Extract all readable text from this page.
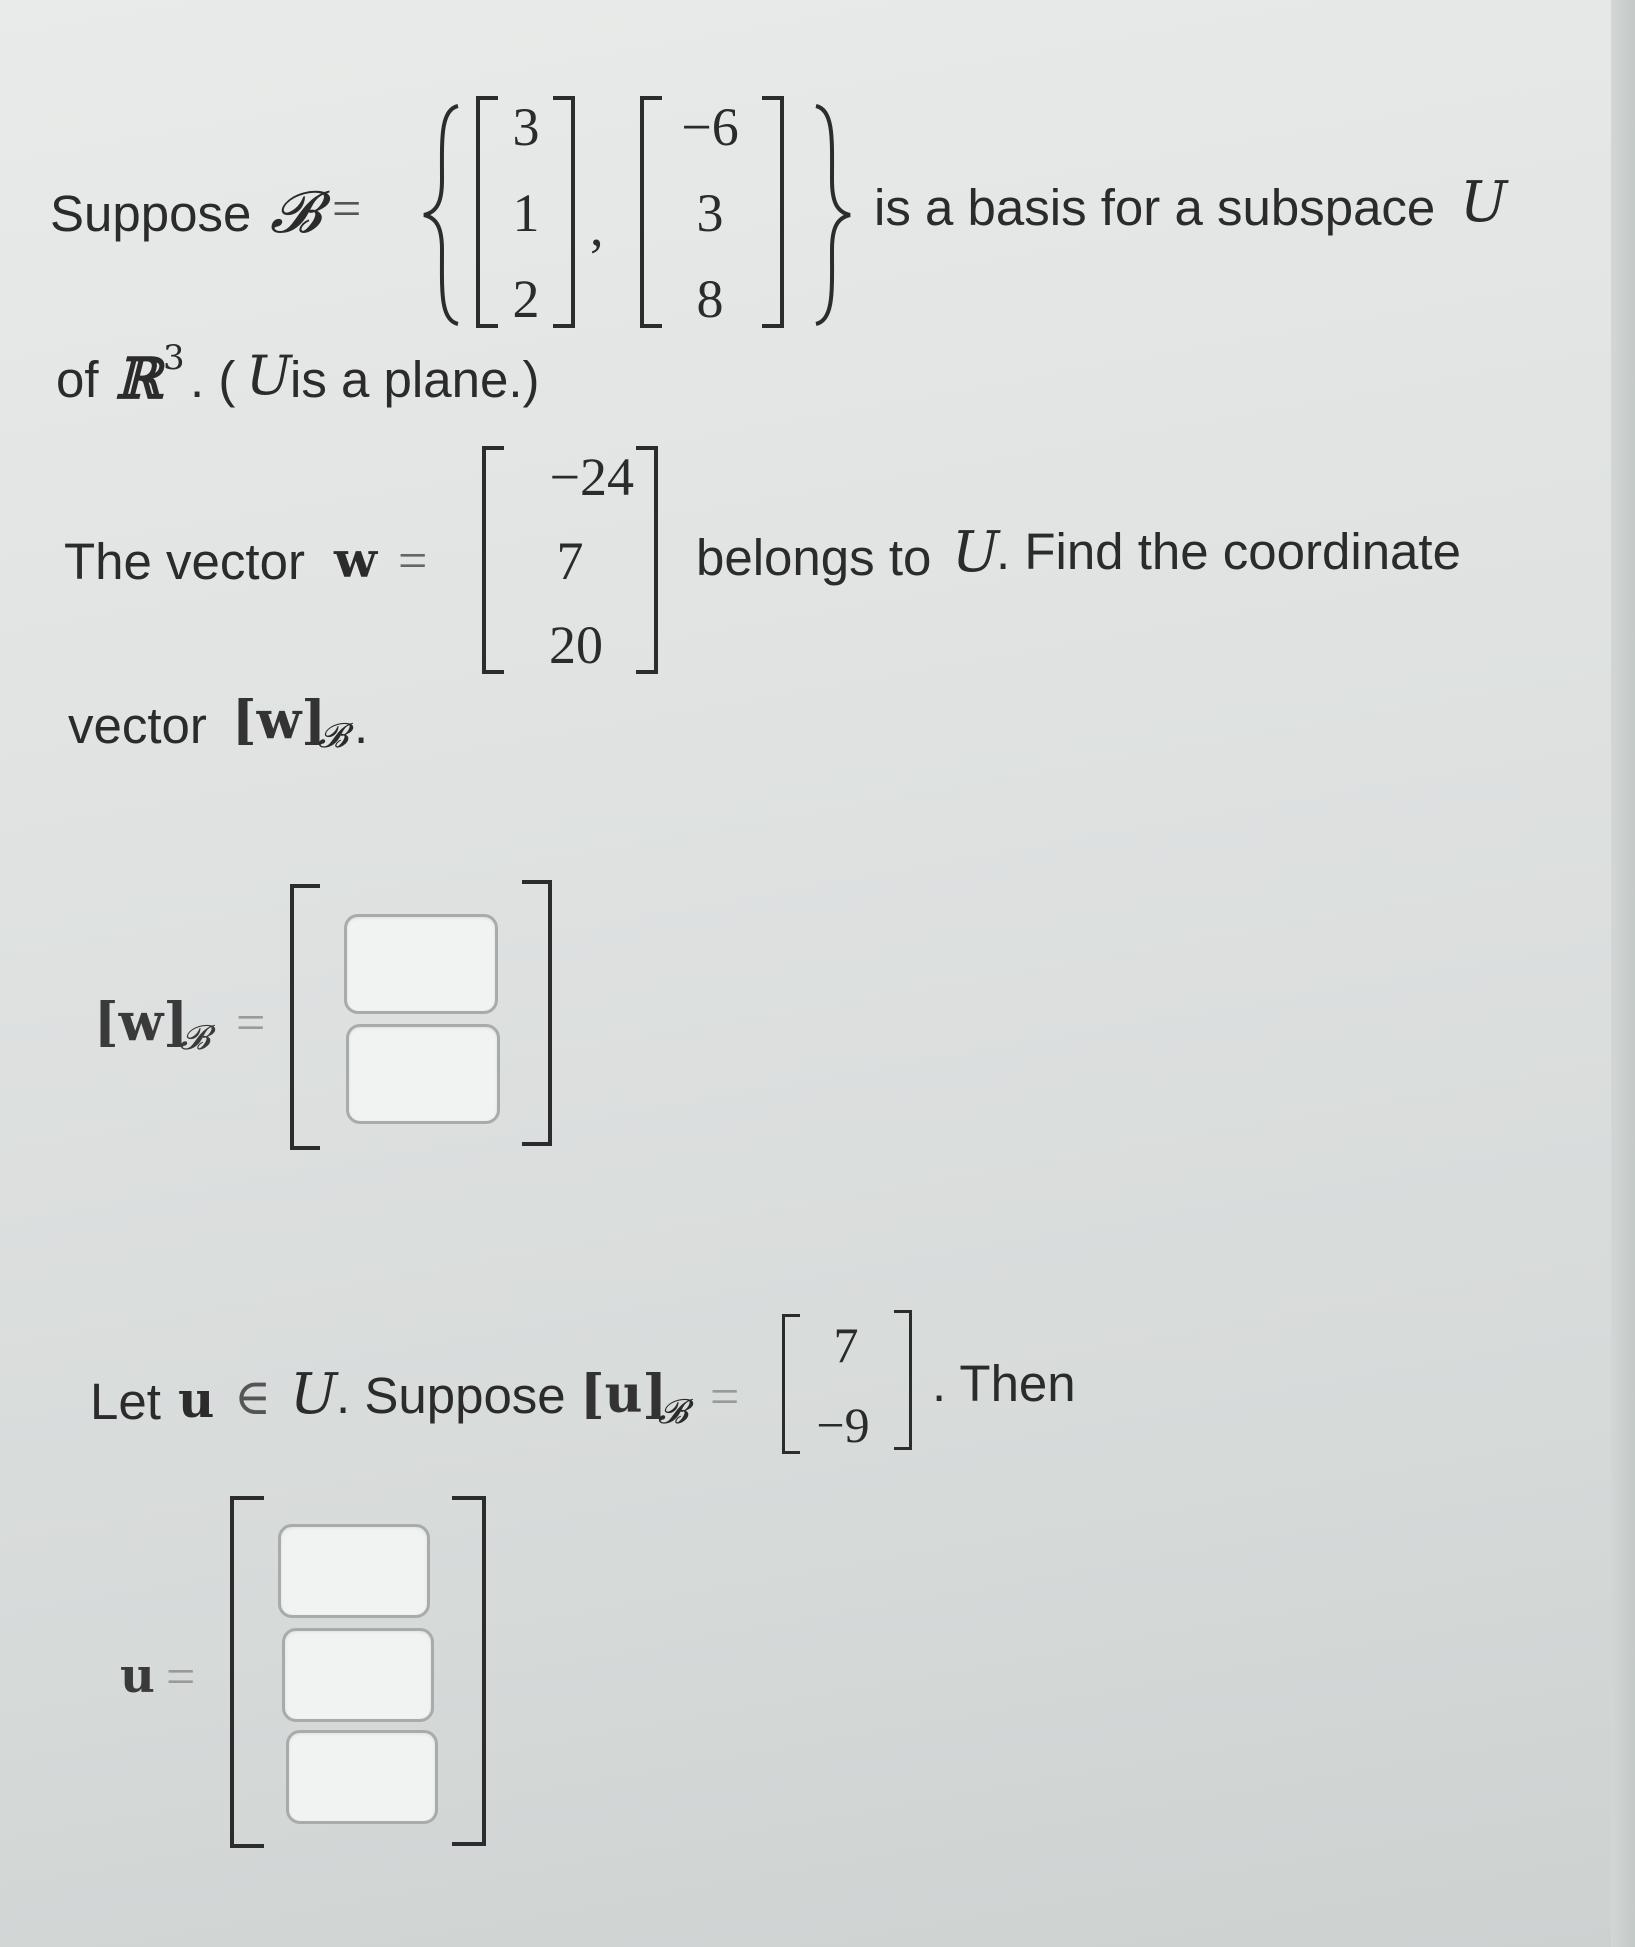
Suppose 𝓑 =
3
1
2
,
−6
3
8
is a basis for a subspace U
of ℝ 3 . ( U
is a plane.)
The vector w =
−24
7
20
belongs to U
. Find the coordinate
vector [w]
𝓑 .
[w]
𝓑 =
Let u ∈ U
. Suppose [u]
𝓑 =
7
−9
. Then
u =
